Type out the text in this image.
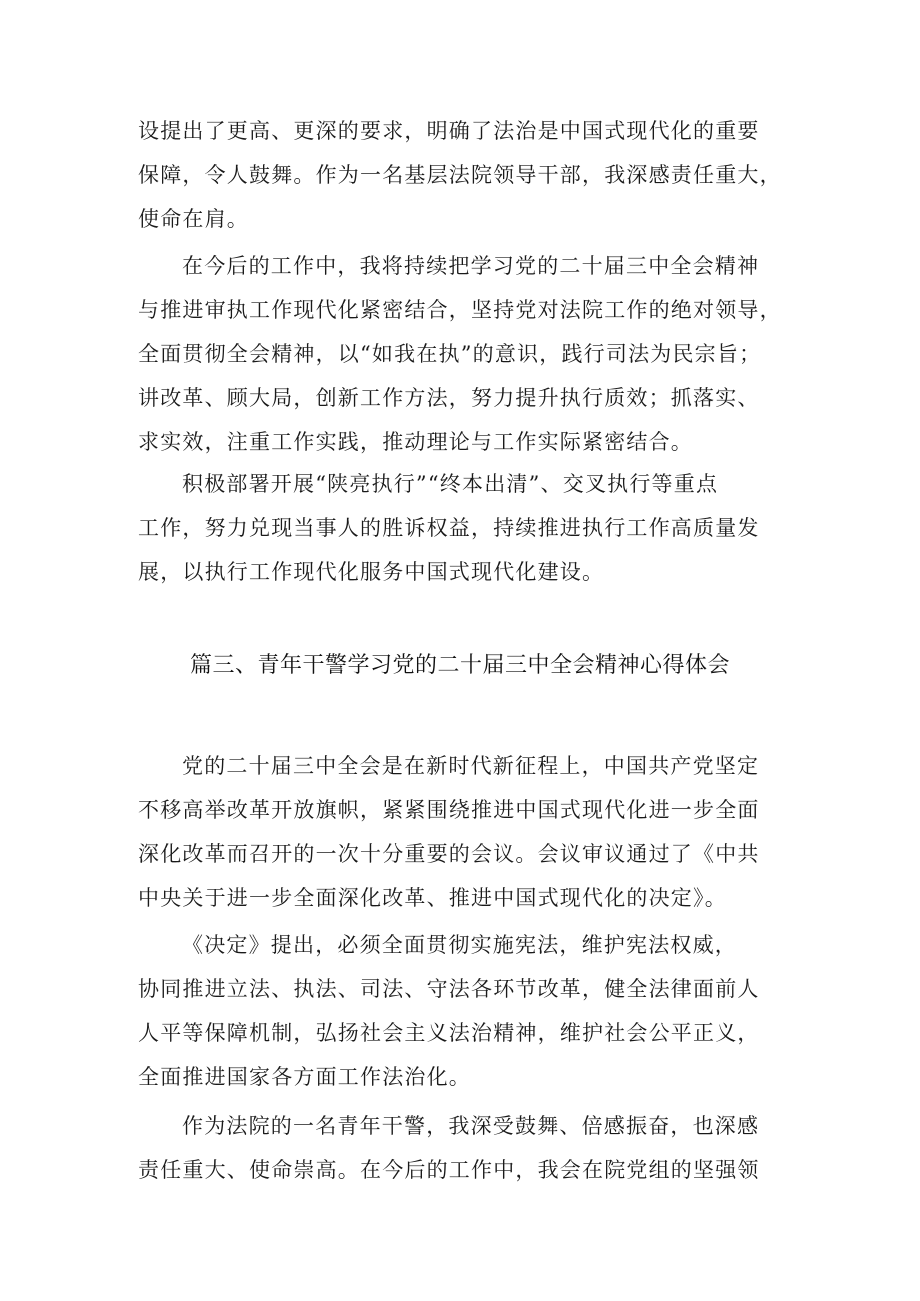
设提出了更高、更深的要求，明确了法治是中国式现代化的重要
保障，令人鼓舞。作为一名基层法院领导干部，我深感责任重大，
使命在肩。
在今后的工作中，我将持续把学习党的二十届三中全会精神
与推进审执工作现代化紧密结合，坚持党对法院工作的绝对领导，
全面贯彻全会精神，以“如我在执”的意识，践行司法为民宗旨；
讲改革、顾大局，创新工作方法，努力提升执行质效；抓落实、
求实效，注重工作实践，推动理论与工作实际紧密结合。
积极部署开展“陕亮执行”“终本出清”、交叉执行等重点
工作，努力兑现当事人的胜诉权益，持续推进执行工作高质量发
展，以执行工作现代化服务中国式现代化建设。
篇三、青年干警学习党的二十届三中全会精神心得体会
党的二十届三中全会是在新时代新征程上，中国共产党坚定
不移高举改革开放旗帜，紧紧围绕推进中国式现代化进一步全面
深化改革而召开的一次十分重要的会议。会议审议通过了《中共
中央关于进一步全面深化改革、推进中国式现代化的决定》。
《决定》提出，必须全面贯彻实施宪法，维护宪法权威，
协同推进立法、执法、司法、守法各环节改革，健全法律面前人
人平等保障机制，弘扬社会主义法治精神，维护社会公平正义，
全面推进国家各方面工作法治化。
作为法院的一名青年干警，我深受鼓舞、倍感振奋，也深感
责任重大、使命崇高。在今后的工作中，我会在院党组的坚强领
